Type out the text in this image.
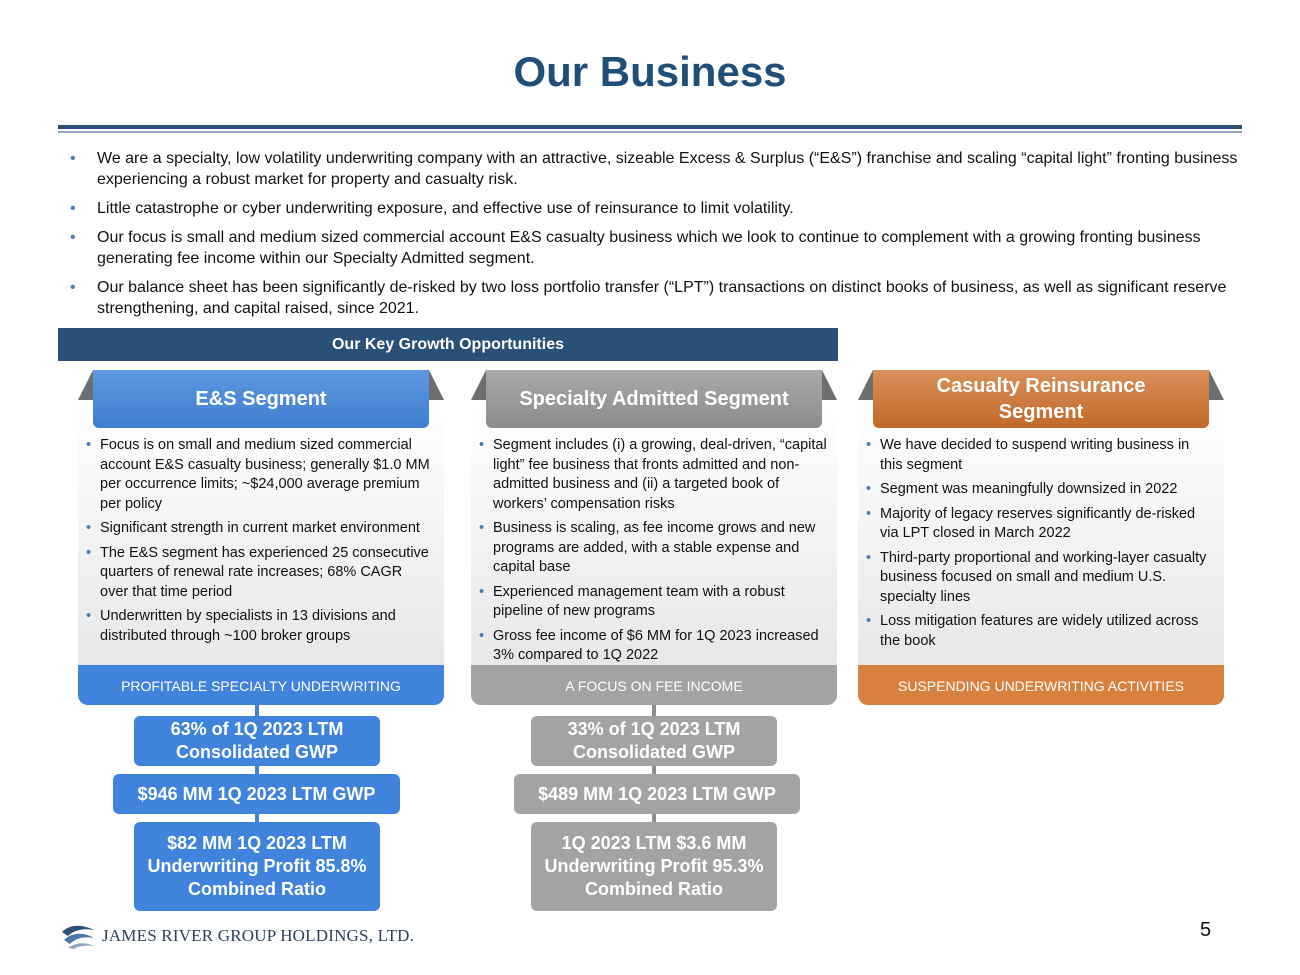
Our Business
• We are a specialty, low volatility underwriting company with an attractive, sizeable Excess & Surplus (“E&S”) franchise and scaling “capital light” fronting business experiencing a robust market for property and casualty risk.
• Little catastrophe or cyber underwriting exposure, and effective use of reinsurance to limit volatility.
• Our focus is small and medium sized commercial account E&S casualty business which we look to continue to complement with a growing fronting business generating fee income within our Specialty Admitted segment.
• Our balance sheet has been significantly de-risked by two loss portfolio transfer (“LPT”) transactions on distinct books of business, as well as significant reserve strengthening, and capital raised, since 2021.
Our Key Growth Opportunities
E&S Segment
• Focus is on small and medium sized commercial account E&S casualty business; generally $1.0 MM per occurrence limits; ~$24,000 average premium per policy
• Significant strength in current market environment
• The E&S segment has experienced 25 consecutive quarters of renewal rate increases; 68% CAGR over that time period
• Underwritten by specialists in 13 divisions and distributed through ~100 broker groups
PROFITABLE SPECIALTY UNDERWRITING
Specialty Admitted Segment
• Segment includes (i) a growing, deal-driven, “capital light” fee business that fronts admitted and non-admitted business and (ii) a targeted book of workers’ compensation risks
• Business is scaling, as fee income grows and new programs are added, with a stable expense and capital base
• Experienced management team with a robust pipeline of new programs
• Gross fee income of $6 MM for 1Q 2023 increased 3% compared to 1Q 2022
A FOCUS ON FEE INCOME
Casualty Reinsurance Segment
• We have decided to suspend writing business in this segment
• Segment was meaningfully downsized in 2022
• Majority of legacy reserves significantly de-risked via LPT closed in March 2022
• Third-party proportional and working-layer casualty business focused on small and medium U.S. specialty lines
• Loss mitigation features are widely utilized across the book
SUSPENDING UNDERWRITING ACTIVITIES
63% of 1Q 2023 LTM Consolidated GWP
$946 MM 1Q 2023 LTM GWP
$82 MM 1Q 2023 LTM Underwriting Profit 85.8% Combined Ratio
33% of 1Q 2023 LTM Consolidated GWP
$489 MM 1Q 2023 LTM GWP
1Q 2023 LTM $3.6 MM Underwriting Profit 95.3% Combined Ratio
JAMES RIVER GROUP HOLDINGS, LTD.	5
